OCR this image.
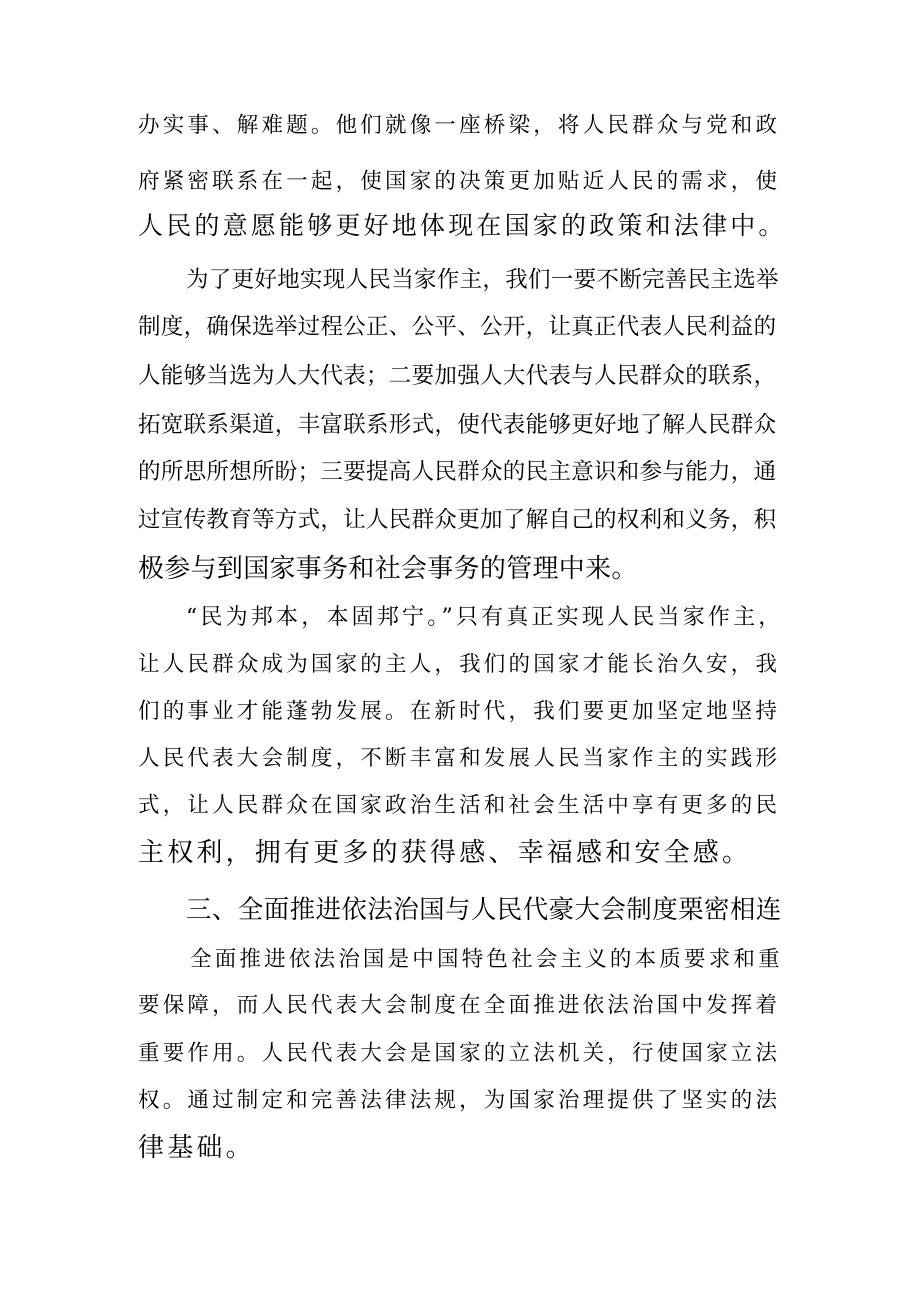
办实事、解难题。他们就像一座桥梁，将人民群众与党和政
府紧密联系在一起，使国家的决策更加贴近人民的需求，使
人民的意愿能够更好地体现在国家的政策和法律中。
为了更好地实现人民当家作主，我们一要不断完善民主选举
制度，确保选举过程公正、公平、公开，让真正代表人民利益的
人能够当选为人大代表；二要加强人大代表与人民群众的联系，
拓宽联系渠道，丰富联系形式，使代表能够更好地了解人民群众
的所思所想所盼；三要提高人民群众的民主意识和参与能力，通
过宣传教育等方式，让人民群众更加了解自己的权利和义务，积
极参与到国家事务和社会事务的管理中来。
“民为邦本，本固邦宁。”只有真正实现人民当家作主，
让人民群众成为国家的主人，我们的国家才能长治久安，我
们的事业才能蓬勃发展。在新时代，我们要更加坚定地坚持
人民代表大会制度，不断丰富和发展人民当家作主的实践形
式，让人民群众在国家政治生活和社会生活中享有更多的民
主权利，拥有更多的获得感、幸福感和安全感。
三、全面推进依法治国与人民代豪大会制度栗密相连
全面推进依法治国是中国特色社会主义的本质要求和重
要保障，而人民代表大会制度在全面推进依法治国中发挥着
重要作用。人民代表大会是国家的立法机关，行使国家立法
权。通过制定和完善法律法规，为国家治理提供了坚实的法
律基础。
